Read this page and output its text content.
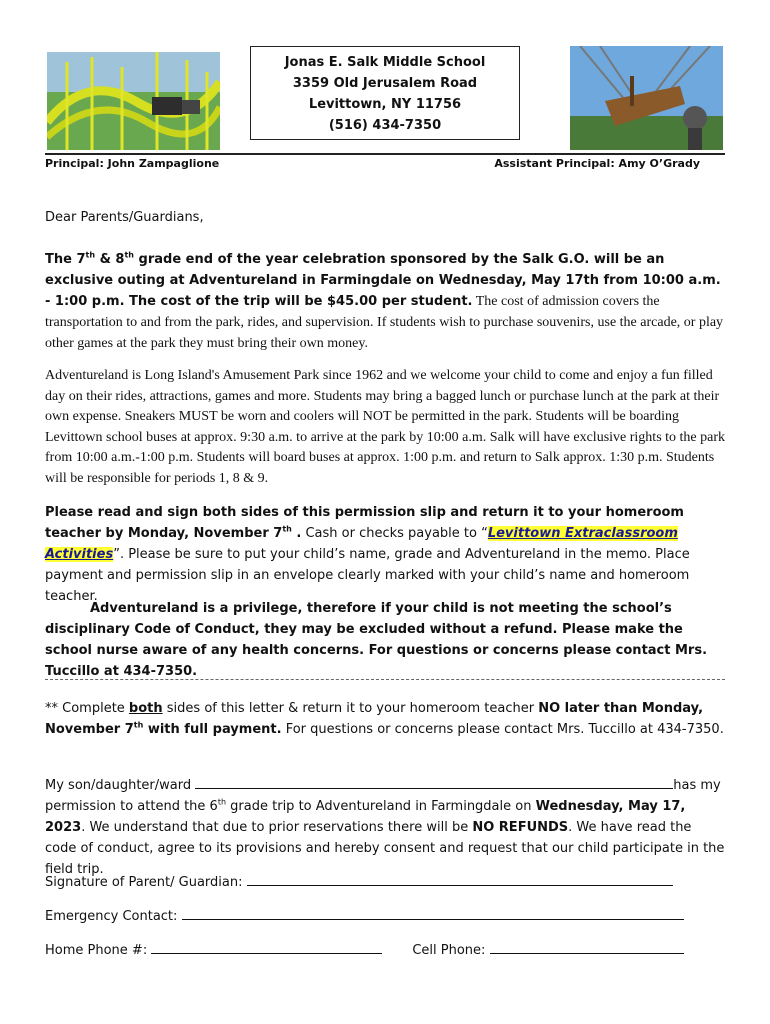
Jonas E. Salk Middle School
3359 Old Jerusalem Road
Levittown, NY 11756
(516) 434-7350
Principal: John Zampaglione	Assistant Principal: Amy O’Grady
Dear Parents/Guardians,
The 7th & 8th grade end of the year celebration sponsored by the Salk G.O. will be an exclusive outing at Adventureland in Farmingdale on Wednesday, May 17th from 10:00 a.m. - 1:00 p.m. The cost of the trip will be $45.00 per student. The cost of admission covers the transportation to and from the park, rides, and supervision. If students wish to purchase souvenirs, use the arcade, or play other games at the park they must bring their own money.
Adventureland is Long Island's Amusement Park since 1962 and we welcome your child to come and enjoy a fun filled day on their rides, attractions, games and more. Students may bring a bagged lunch or purchase lunch at the park at their own expense. Sneakers MUST be worn and coolers will NOT be permitted in the park. Students will be boarding Levittown school buses at approx. 9:30 a.m. to arrive at the park by 10:00 a.m. Salk will have exclusive rights to the park from 10:00 a.m.-1:00 p.m. Students will board buses at approx. 1:00 p.m. and return to Salk approx. 1:30 p.m. Students will be responsible for periods 1, 8 & 9.
Please read and sign both sides of this permission slip and return it to your homeroom teacher by Monday, November 7th . Cash or checks payable to “Levittown Extraclassroom Activities”. Please be sure to put your child’s name, grade and Adventureland in the memo. Place payment and permission slip in an envelope clearly marked with your child’s name and homeroom teacher.
Adventureland is a privilege, therefore if your child is not meeting the school’s disciplinary Code of Conduct, they may be excluded without a refund. Please make the school nurse aware of any health concerns. For questions or concerns please contact Mrs. Tuccillo at 434-7350.
** Complete both sides of this letter & return it to your homeroom teacher NO later than Monday, November 7th with full payment. For questions or concerns please contact Mrs. Tuccillo at 434-7350.
My son/daughter/ward	has my permission to attend the 6th grade trip to Adventureland in Farmingdale on Wednesday, May 17, 2023. We understand that due to prior reservations there will be NO REFUNDS. We have read the code of conduct, agree to its provisions and hereby consent and request that our child participate in the field trip.
Signature of Parent/ Guardian:
Emergency Contact:
Home Phone #:	Cell Phone:
